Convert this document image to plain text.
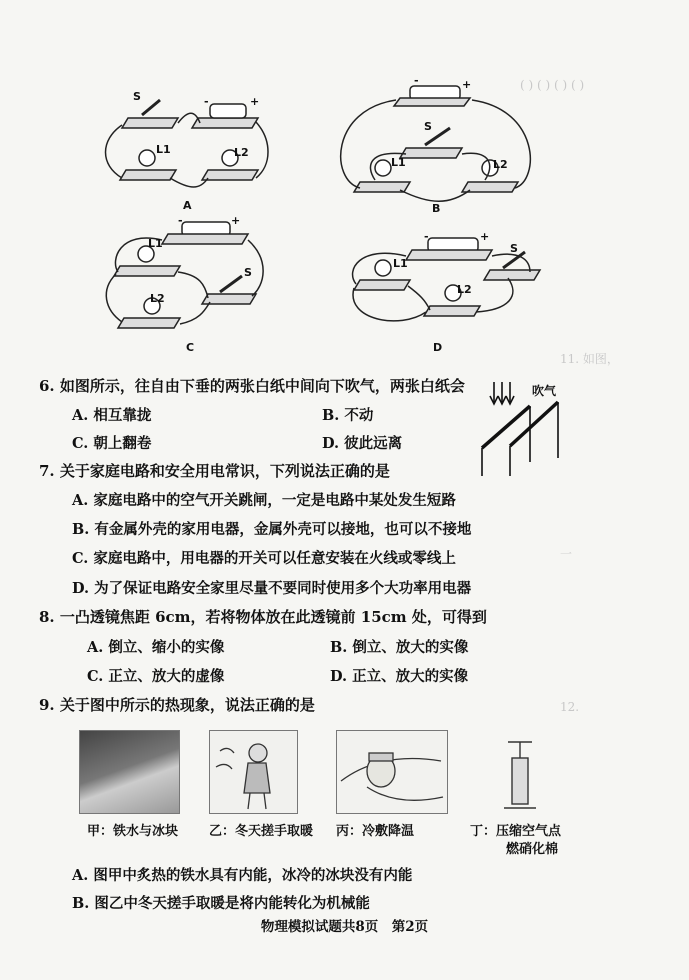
( ) ( ) ( ) ( )
11. 如图，
一
12.
A	B
C	D
S
L1	L2
-	+
S
L1	L2
-	+
L1
L2
S
-	+
L1
L2
S
-	+
6. 如图所示，往自由下垂的两张白纸中间向下吹气，两张白纸会
A. 相互靠拢	B. 不动
C. 朝上翻卷	D. 彼此远离
吹气
7. 关于家庭电路和安全用电常识，下列说法正确的是
A. 家庭电路中的空气开关跳闸，一定是电路中某处发生短路
B. 有金属外壳的家用电器，金属外壳可以接地，也可以不接地
C. 家庭电路中，用电器的开关可以任意安装在火线或零线上
D. 为了保证电路安全家里尽量不要同时使用多个大功率用电器
8. 一凸透镜焦距 6cm，若将物体放在此透镜前 15cm 处，可得到
A. 倒立、缩小的实像	B. 倒立、放大的实像
C. 正立、放大的虚像	D. 正立、放大的实像
9. 关于图中所示的热现象，说法正确的是
甲：铁水与冰块 乙：冬天搓手取暖 丙：冷敷降温	丁：压缩空气点
燃硝化棉
A. 图甲中炙热的铁水具有内能，冰冷的冰块没有内能
B. 图乙中冬天搓手取暖是将内能转化为机械能
物理模拟试题共8页　第2页
